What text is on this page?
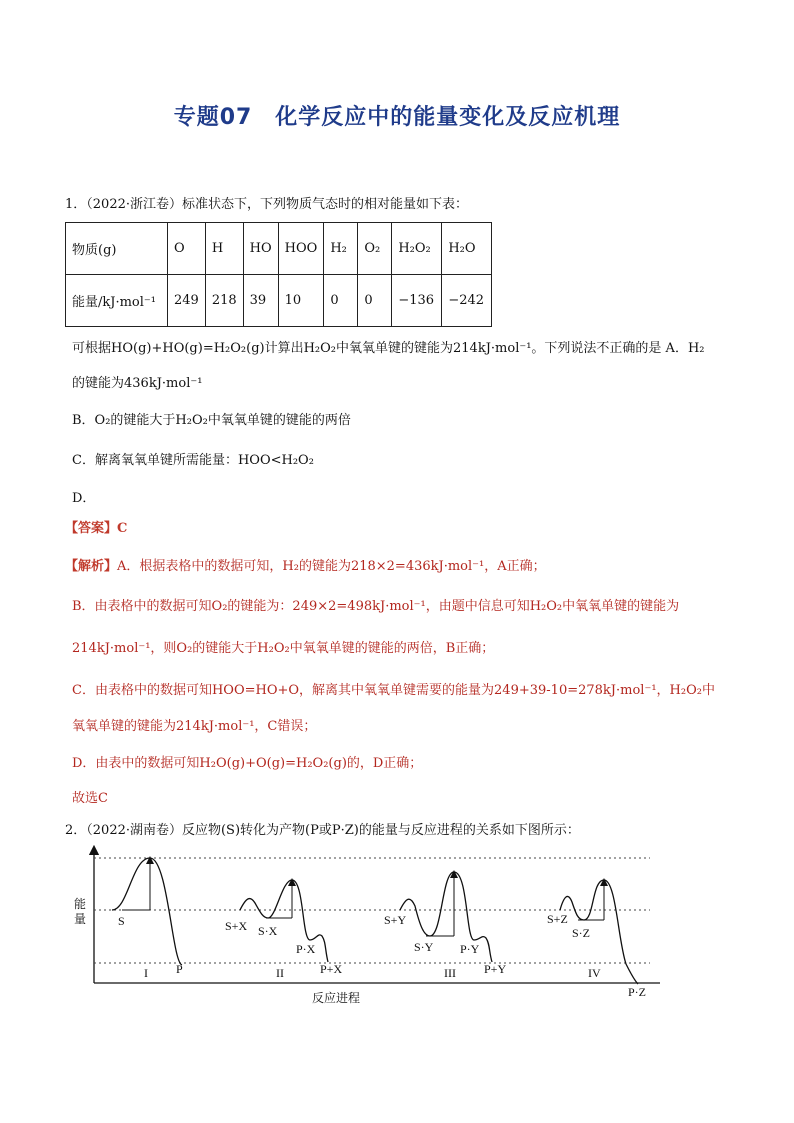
专题07　化学反应中的能量变化及反应机理
1．（2022·浙江卷）标准状态下，下列物质气态时的相对能量如下表：
物质(g)	O	H	HO	HOO	H₂	O₂	H₂O₂	H₂O
能量/kJ·mol⁻¹	249	218	39	10	0	0	−136	−242
可根据HO(g)+HO(g)=H₂O₂(g)计算出H₂O₂中氧氧单键的键能为214kJ·mol⁻¹。下列说法不正确的是 A．H₂
的键能为436kJ·mol⁻¹
B．O₂的键能大于H₂O₂中氧氧单键的键能的两倍
C．解离氧氧单键所需能量：HOO<H₂O₂
D．
【答案】C
【解析】A．根据表格中的数据可知，H₂的键能为218×2=436kJ·mol⁻¹，A正确；
B．由表格中的数据可知O₂的键能为：249×2=498kJ·mol⁻¹，由题中信息可知H₂O₂中氧氧单键的键能为
214kJ·mol⁻¹，则O₂的键能大于H₂O₂中氧氧单键的键能的两倍，B正确；
C．由表格中的数据可知HOO=HO+O，解离其中氧氧单键需要的能量为249+39-10=278kJ·mol⁻¹，H₂O₂中
氧氧单键的键能为214kJ·mol⁻¹，C错误；
D．由表中的数据可知H₂O(g)+O(g)=H₂O₂(g)的，D正确；
故选C
2．（2022·湖南卷）反应物(S)转化为产物(P或P·Z)的能量与反应进程的关系如下图所示：
S
P
I
S+X S·X
P·X
P+X
II
S+Y
S·Y P·Y
P+Y
III
S+Z
S·Z
P·Z
IV
能量
反应进程
